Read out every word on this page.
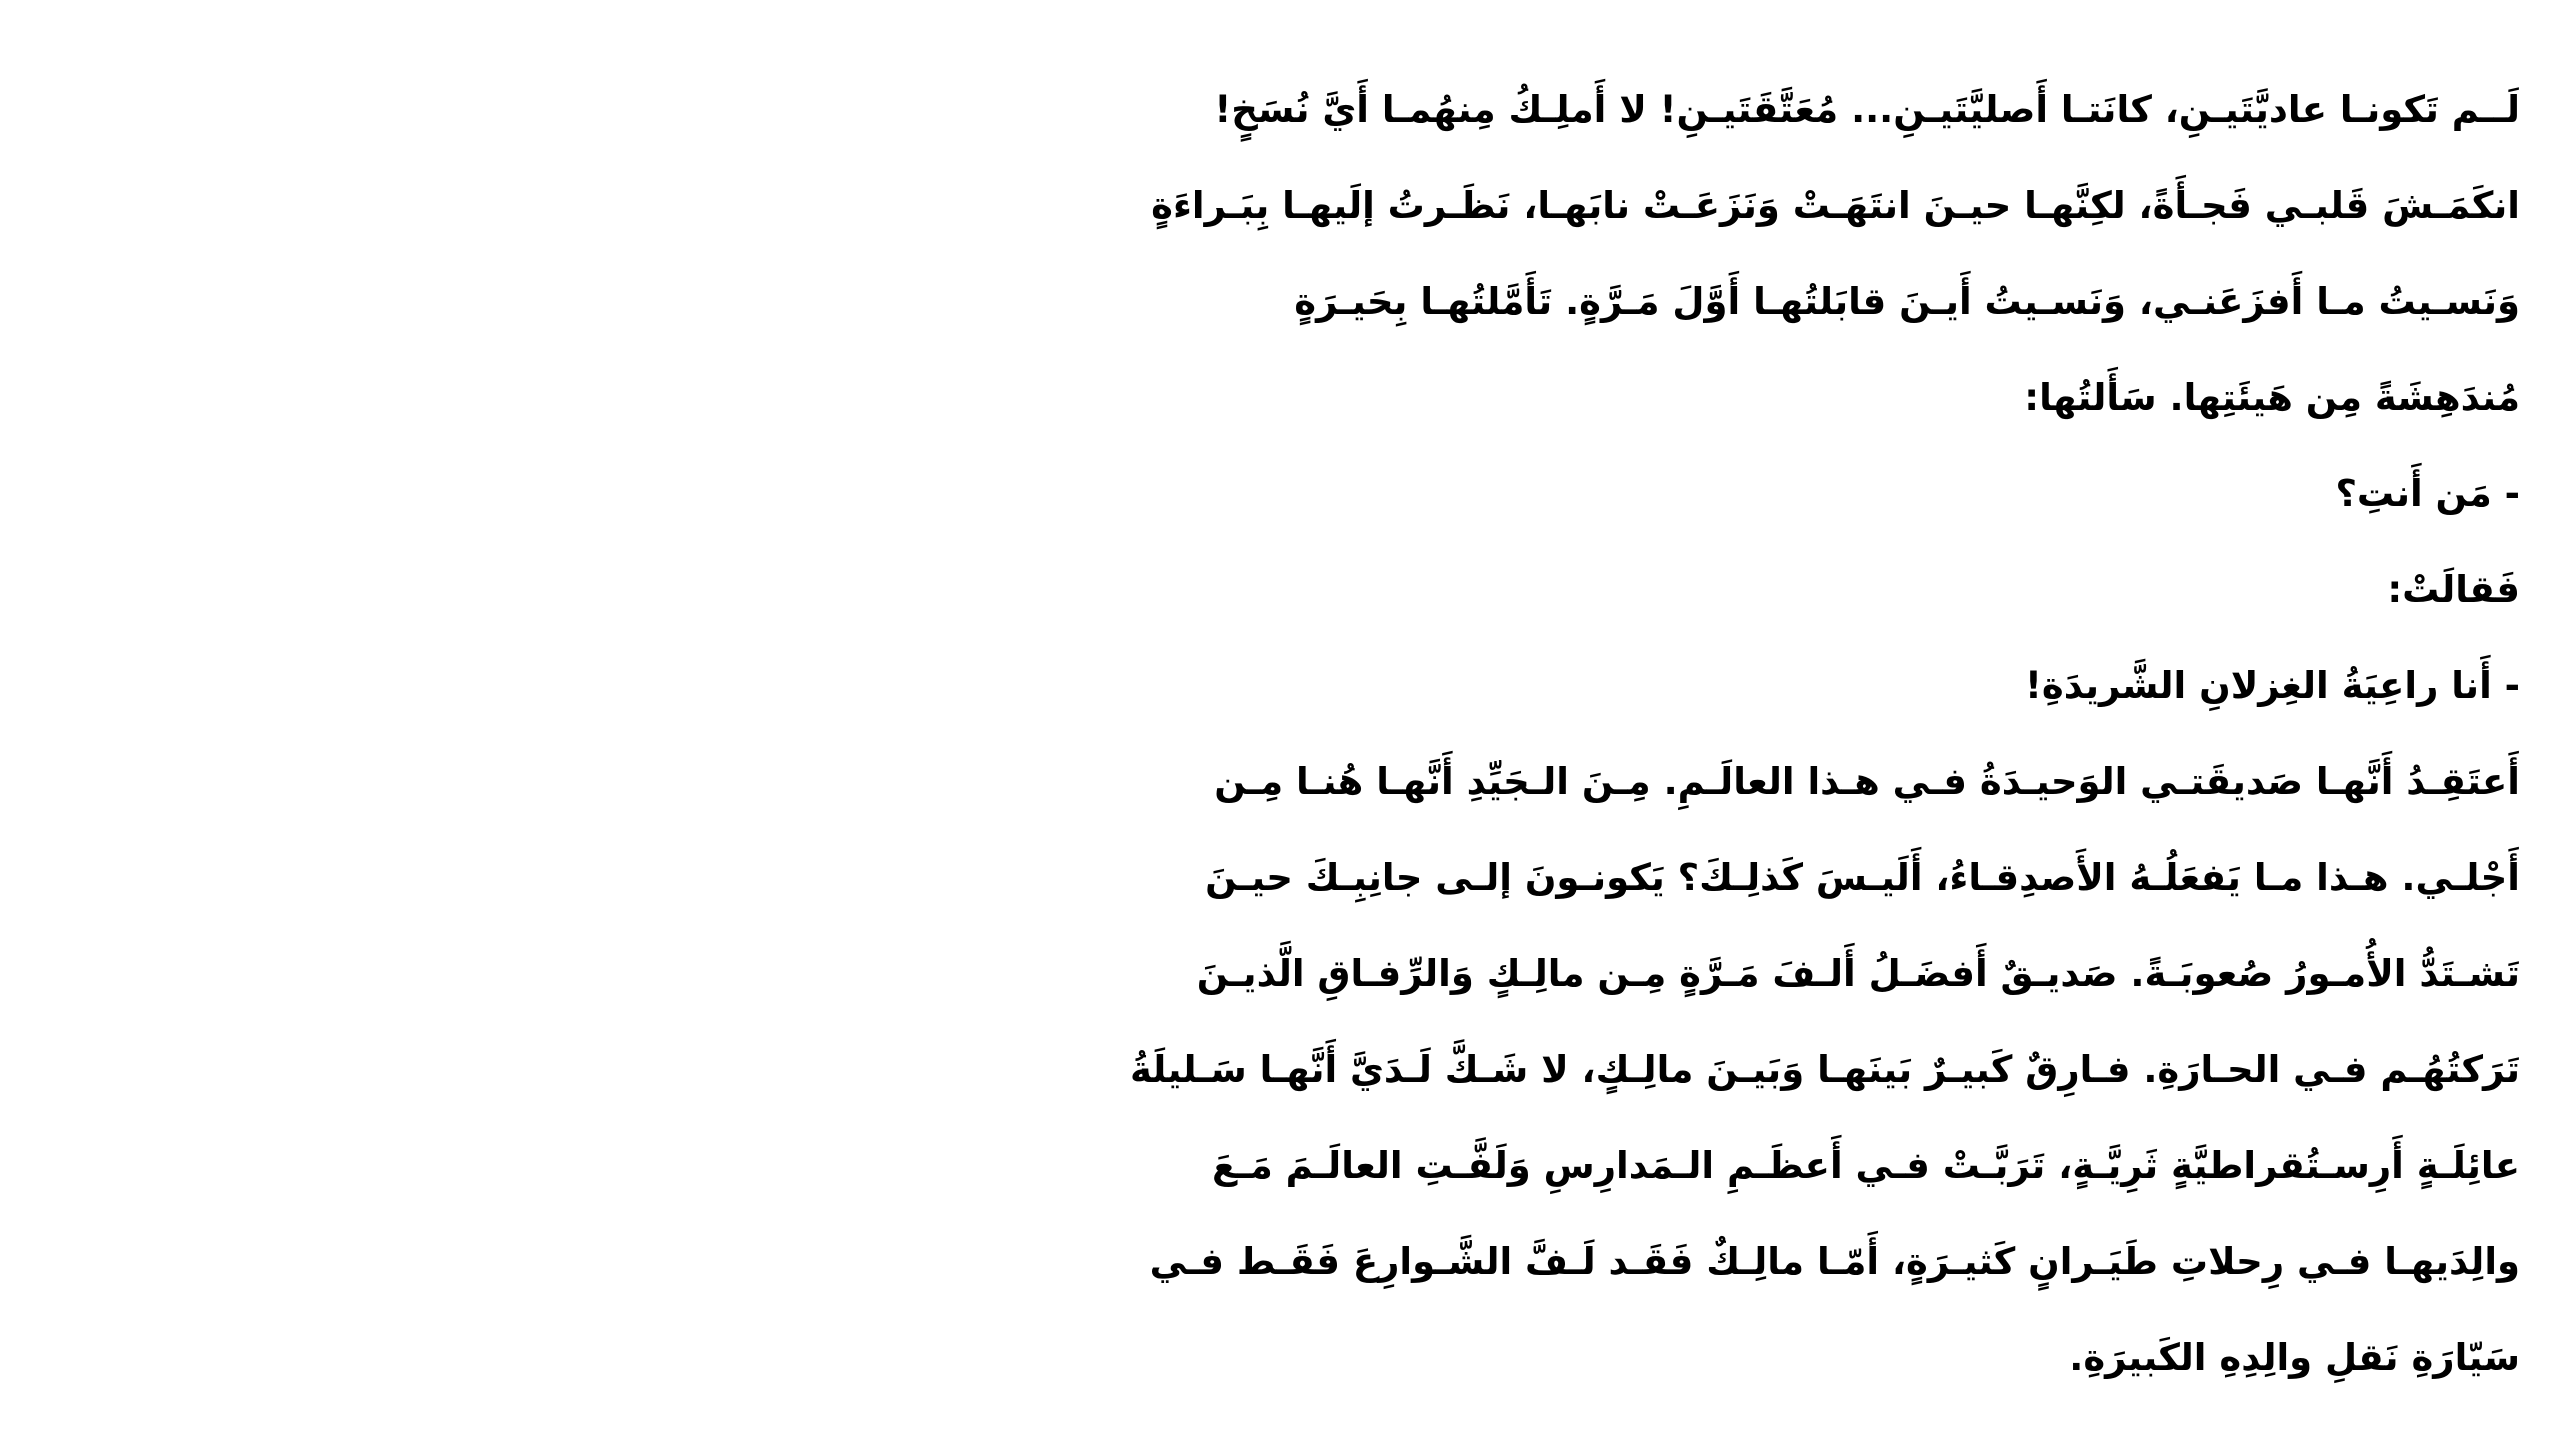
لَــم تَكونـا عاديَّتَيـنِ، كانَتـا أَصليَّتَيـنِ... مُعَتَّقَتَيـنِ! لا أَملِـكُ مِنهُمـا أَيَّ نُسَخٍ!
انكَمَـشَ قَلبـي فَجـأَةً، لكِنَّهـا حيـنَ انتَهَـتْ وَنَزَعَـتْ نابَهـا، نَظَـرتُ إلَيهـا بِبَـراءَةٍ
وَنَسـيتُ مـا أَفزَعَنـي، وَنَسـيتُ أَيـنَ قابَلتُهـا أَوَّلَ مَـرَّةٍ. تَأَمَّلتُهـا بِحَيـرَةٍ
مُندَهِشَةً مِن هَيئَتِها. سَأَلتُها:
- مَن أَنتِ؟
فَقالَتْ:
- أَنا راعِيَةُ الغِزلانِ الشَّريدَةِ!
أَعتَقِـدُ أَنَّهـا صَديقَتـي الوَحيـدَةُ فـي هـذا العالَـمِ. مِـنَ الـجَيِّدِ أَنَّهـا هُنـا مِـن
أَجْلـي. هـذا مـا يَفعَلُـهُ الأَصدِقـاءُ، أَلَيـسَ كَذلِـكَ؟ يَكونـونَ إلـى جانِبِـكَ حيـنَ
تَشـتَدُّ الأُمـورُ صُعوبَـةً. صَديـقٌ أَفضَـلُ أَلـفَ مَـرَّةٍ مِـن مالِـكٍ وَالرِّفـاقِ الَّذيـنَ
تَرَكتُهُـم فـي الحـارَةِ. فـارِقٌ كَبيـرٌ بَينَهـا وَبَيـنَ مالِـكٍ، لا شَـكَّ لَـدَيَّ أَنَّهـا سَـليلَةُ
عائِلَـةٍ أَرِسـتُقراطيَّةٍ ثَرِيَّـةٍ، تَرَبَّـتْ فـي أَعظَـمِ الـمَدارِسِ وَلَفَّـتِ العالَـمَ مَـعَ
والِدَيهـا فـي رِحلاتِ طَيَـرانٍ كَثيـرَةٍ، أَمّـا مالِـكٌ فَقَـد لَـفَّ الشَّـوارِعَ فَقَـط فـي
سَيّارَةِ نَقلِ والِدِهِ الكَبيرَةِ.
